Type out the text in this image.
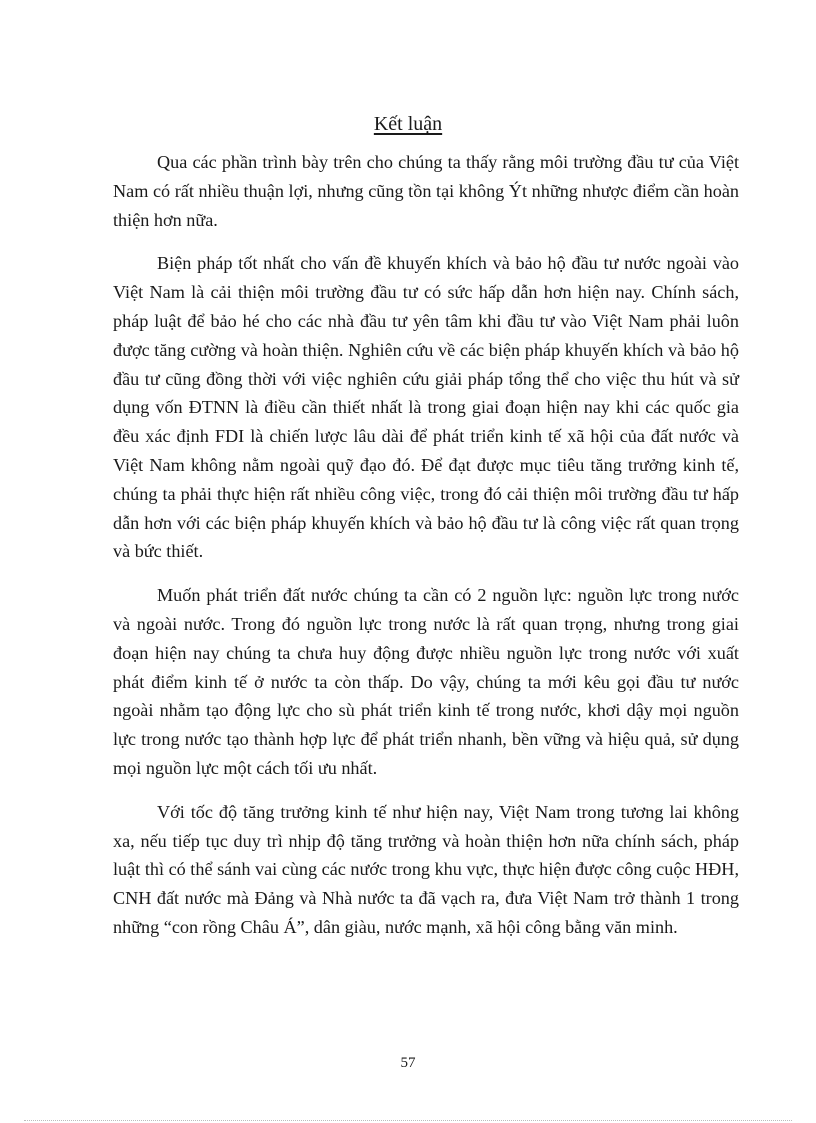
Kết luận

Qua các phần trình bày trên cho chúng ta thấy rằng môi trường đầu tư của Việt Nam có rất nhiều thuận lợi, nhưng cũng tồn tại không Ýt những nhược điểm cần hoàn thiện hơn nữa.

Biện pháp tốt nhất cho vấn đề khuyến khích và bảo hộ đầu tư nước ngoài vào Việt Nam là cải thiện môi trường đầu tư có sức hấp dẫn hơn hiện nay. Chính sách, pháp luật để bảo hé cho các nhà đầu tư yên tâm khi đầu tư vào Việt Nam phải luôn được tăng cường và hoàn thiện. Nghiên cứu về các biện pháp khuyến khích và bảo hộ đầu tư cũng đồng thời với việc nghiên cứu giải pháp tổng thể cho việc thu hút và sử dụng vốn ĐTNN là điều cần thiết nhất là trong giai đoạn hiện nay khi các quốc gia đều xác định FDI là chiến lược lâu dài để phát triển kinh tế xã hội của đất nước và Việt Nam không nằm ngoài quỹ đạo đó. Để đạt được mục tiêu tăng trưởng kinh tế, chúng ta phải thực hiện rất nhiều công việc, trong đó cải thiện môi trường đầu tư hấp dẫn hơn với các biện pháp khuyến khích và bảo hộ đầu tư là công việc rất quan trọng và bức thiết.

Muốn phát triển đất nước chúng ta cần có 2 nguồn lực: nguồn lực trong nước và ngoài nước. Trong đó nguồn lực trong nước là rất quan trọng, nhưng trong giai đoạn hiện nay chúng ta chưa huy động được nhiều nguồn lực trong nước với xuất phát điểm kinh tế ở nước ta còn thấp. Do vậy, chúng ta mới kêu gọi đầu tư nước ngoài nhằm tạo động lực cho sù phát triển kinh tế trong nước, khơi dậy mọi nguồn lực trong nước tạo thành hợp lực để phát triển nhanh, bền vững và hiệu quả, sử dụng mọi nguồn lực một cách tối ưu nhất.

Với tốc độ tăng trưởng kinh tế như hiện nay, Việt Nam trong tương lai không xa, nếu tiếp tục duy trì nhịp độ tăng trưởng và hoàn thiện hơn nữa chính sách, pháp luật thì có thể sánh vai cùng các nước trong khu vực, thực hiện được công cuộc HĐH, CNH đất nước mà Đảng và Nhà nước ta đã vạch ra, đưa Việt Nam trở thành 1 trong những “con rồng Châu Á”, dân giàu, nước mạnh, xã hội công bằng văn minh.

57
